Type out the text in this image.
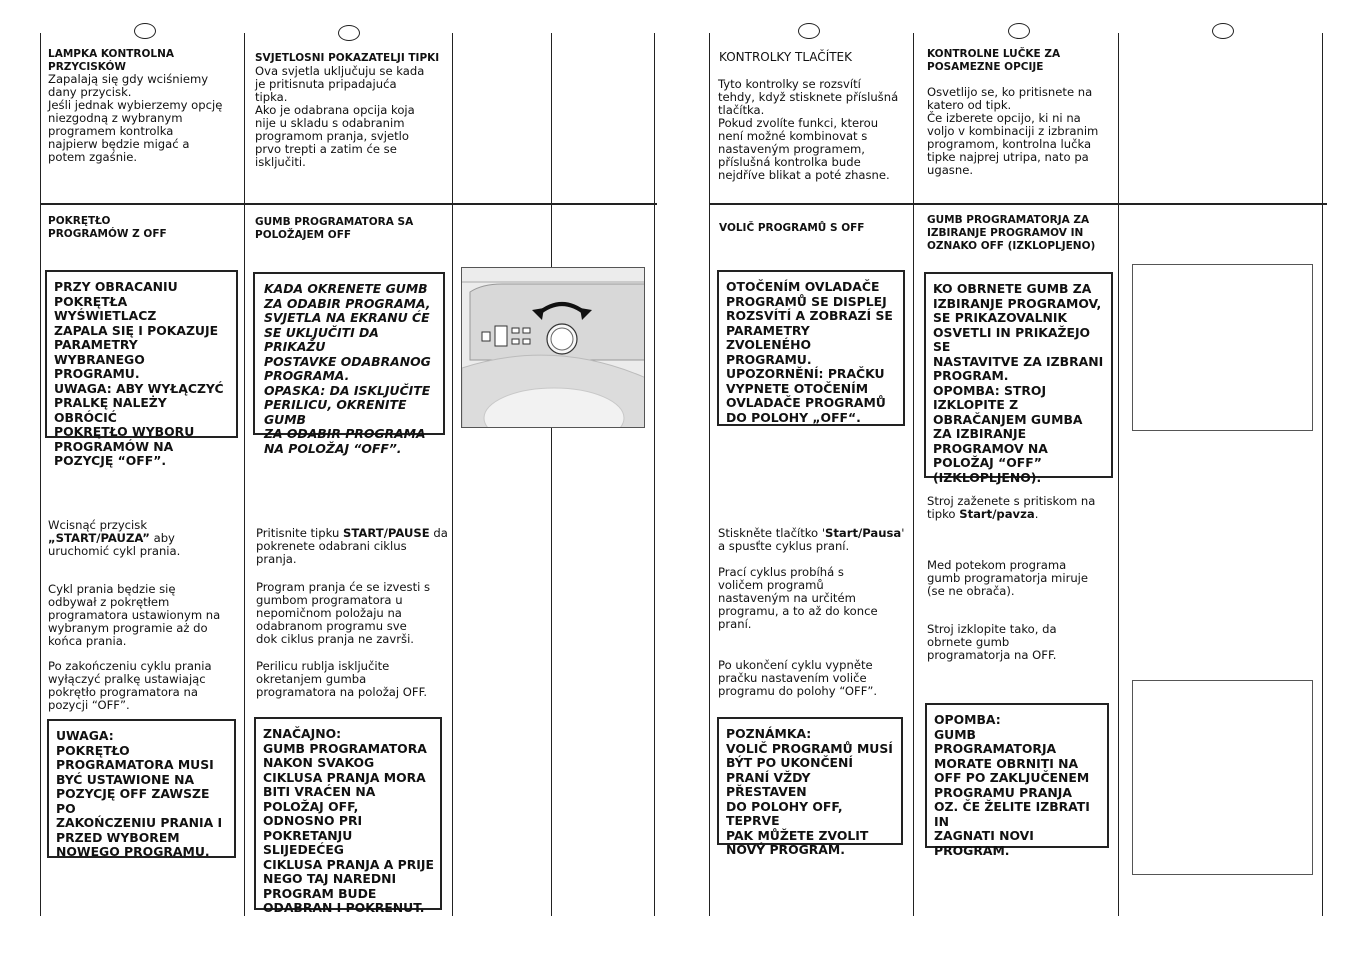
LAMPKA KONTROLNA
PRZYCISKÓW
Zapalają się gdy wciśniemy
dany przycisk.
Jeśli jednak wybierzemy opcję
niezgodną z wybranym
programem kontrolka
najpierw będzie migać a
potem zgaśnie.
POKRĘTŁO
PROGRAMÓW Z OFF
PRZY OBRACANIU
POKRĘTŁA WYŚWIETLACZ
ZAPALA SIĘ I POKAZUJE
PARAMETRY WYBRANEGO
PROGRAMU.
UWAGA: ABY WYŁĄCZYĆ
PRALKĘ NALEŻY OBRÓCIĆ
POKRĘTŁO WYBORU
PROGRAMÓW NA
POZYCJĘ “OFF”.
Wcisnąć przycisk
„START/PAUZA” aby
uruchomić cykl prania.
Cykl prania będzie się
odbywał z pokrętłem
programatora ustawionym na
wybranym programie aż do
końca prania.
Po zakończeniu cyklu prania
wyłączyć pralkę ustawiając
pokrętło programatora na
pozycji “OFF”.
UWAGA:
POKRĘTŁO
PROGRAMATORA MUSI
BYĆ USTAWIONE NA
POZYCJĘ OFF ZAWSZE PO
ZAKOŃCZENIU PRANIA I
PRZED WYBOREM
NOWEGO PROGRAMU.
SVJETLOSNI POKAZATELJI TIPKI
Ova svjetla uključuju se kada
je pritisnuta pripadajuća
tipka.
Ako je odabrana opcija koja
nije u skladu s odabranim
programom pranja, svjetlo
prvo trepti a zatim će se
isključiti.
GUMB PROGRAMATORA SA
POLOŽAJEM OFF
KADA OKRENETE GUMB
ZA ODABIR PROGRAMA,
SVJETLA NA EKRANU ĆE
SE UKLJUČITI DA PRIKAŽU
POSTAVKE ODABRANOG
PROGRAMA.
OPASKA: DA ISKLJUČITE
PERILICU, OKRENITE GUMB
ZA ODABIR PROGRAMA
NA POLOŽAJ “OFF”.
Pritisnite tipku START/PAUSE da
pokrenete odabrani ciklus
pranja.
Program pranja će se izvesti s
gumbom programatora u
nepomičnom položaju na
odabranom programu sve
dok ciklus pranja ne završi.
Perilicu rublja isključite
okretanjem gumba
programatora na položaj OFF.
ZNAČAJNO:
GUMB PROGRAMATORA
NAKON SVAKOG
CIKLUSA PRANJA MORA
BITI VRAĆEN NA
POLOŽAJ OFF,
ODNOSNO PRI
POKRETANJU SLIJEDEĆEG
CIKLUSA PRANJA A PRIJE
NEGO TAJ NAREDNI
PROGRAM BUDE
ODABRAN I POKRENUT.
KONTROLKY TLAČÍTEK
Tyto kontrolky se rozsvítí
tehdy, když stisknete příslušná
tlačítka.
Pokud zvolíte funkci, kterou
není možné kombinovat s
nastaveným programem,
příslušná kontrolka bude
nejdříve blikat a poté zhasne.
VOLIČ PROGRAMŮ S OFF
OTOČENÍM OVLADAČE
PROGRAMŮ SE DISPLEJ
ROZSVÍTÍ A ZOBRAZÍ SE
PARAMETRY ZVOLENÉHO
PROGRAMU.
UPOZORNĚNÍ: PRAČKU
VYPNETE OTOČENÍM
OVLADAČE PROGRAMŮ
DO POLOHY „OFF“.
Stiskněte tlačítko 'Start/Pausa'
a spusťte cyklus praní.
Prací cyklus probíhá s
voličem programů
nastaveným na určitém
programu, a to až do konce
praní.
Po ukončení cyklu vypněte
pračku nastavením voliče
programu do polohy “OFF”.
POZNÁMKA:
VOLIČ PROGRAMŮ MUSÍ
BÝT PO UKONČENÍ
PRANÍ VŽDY PŘESTAVEN
DO POLOHY OFF, TEPRVE
PAK MŮŽETE ZVOLIT
NOVÝ PROGRAM.
KONTROLNE LUČKE ZA
POSAMEZNE OPCIJE
Osvetlijo se, ko pritisnete na
katero od tipk.
Če izberete opcijo, ki ni na
voljo v kombinaciji z izbranim
programom, kontrolna lučka
tipke najprej utripa, nato pa
ugasne.
GUMB PROGRAMATORJA ZA
IZBIRANJE PROGRAMOV IN
OZNAKO OFF (IZKLOPLJENO)
KO OBRNETE GUMB ZA
IZBIRANJE PROGRAMOV,
SE PRIKAZOVALNIK
OSVETLI IN PRIKAŽEJO SE
NASTAVITVE ZA IZBRANI
PROGRAM.
OPOMBA: STROJ
IZKLOPITE Z
OBRAČANJEM GUMBA
ZA IZBIRANJE
PROGRAMOV NA
POLOŽAJ “OFF”
(IZKLOPLJENO).
Stroj zaženete s pritiskom na
tipko Start/pavza.
Med potekom programa
gumb programatorja miruje
(se ne obrača).
Stroj izklopite tako, da
obrnete gumb
programatorja na OFF.
OPOMBA:
GUMB
PROGRAMATORJA
MORATE OBRNITI NA
OFF PO ZAKLJUČENEM
PROGRAMU PRANJA
OZ. ČE ŽELITE IZBRATI IN
ZAGNATI NOVI
PROGRAM.
